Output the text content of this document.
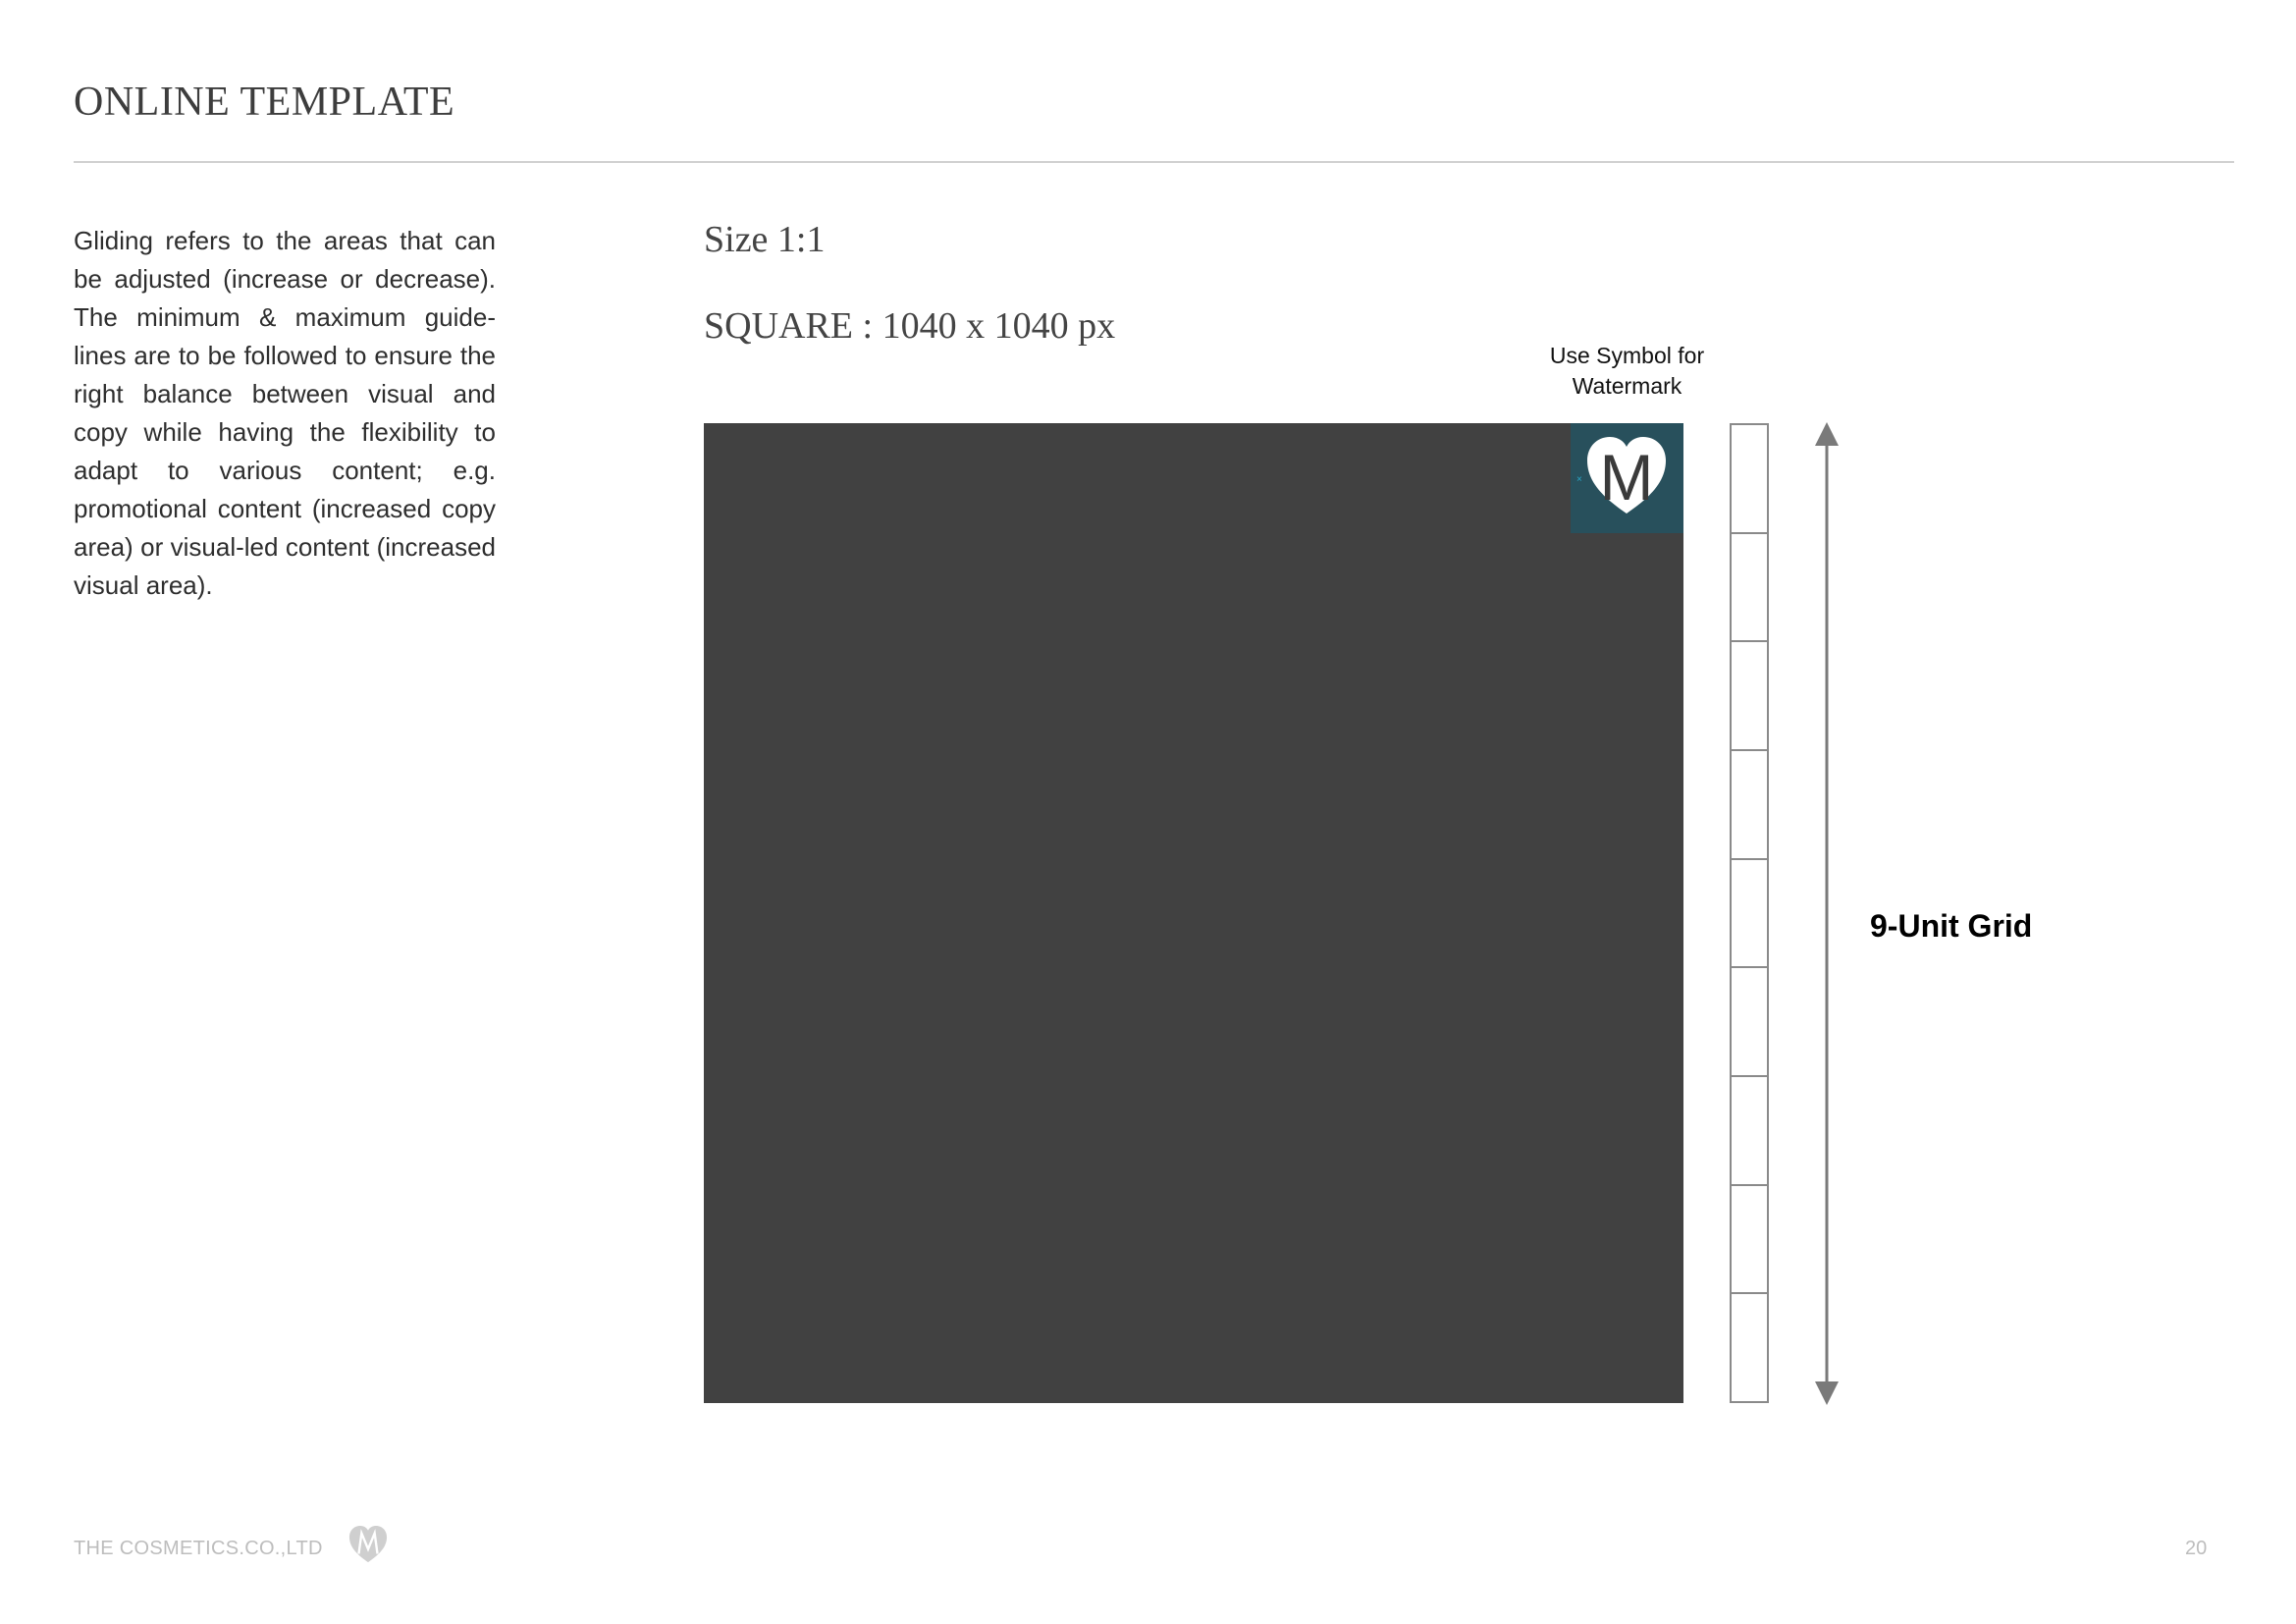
ONLINE TEMPLATE

Gliding refers to the areas that can be adjusted (increase or decrease). The minimum & maximum guide-lines are to be followed to ensure the right balance between visual and copy while having the flexibility to adapt to various content; e.g. promotional content (increased copy area) or visual-led content (increased visual area).

Size 1:1
SQUARE : 1040 x 1040 px
Use Symbol for Watermark
× M
9-Unit Grid
THE COSMETICS.CO.,LTD	20
